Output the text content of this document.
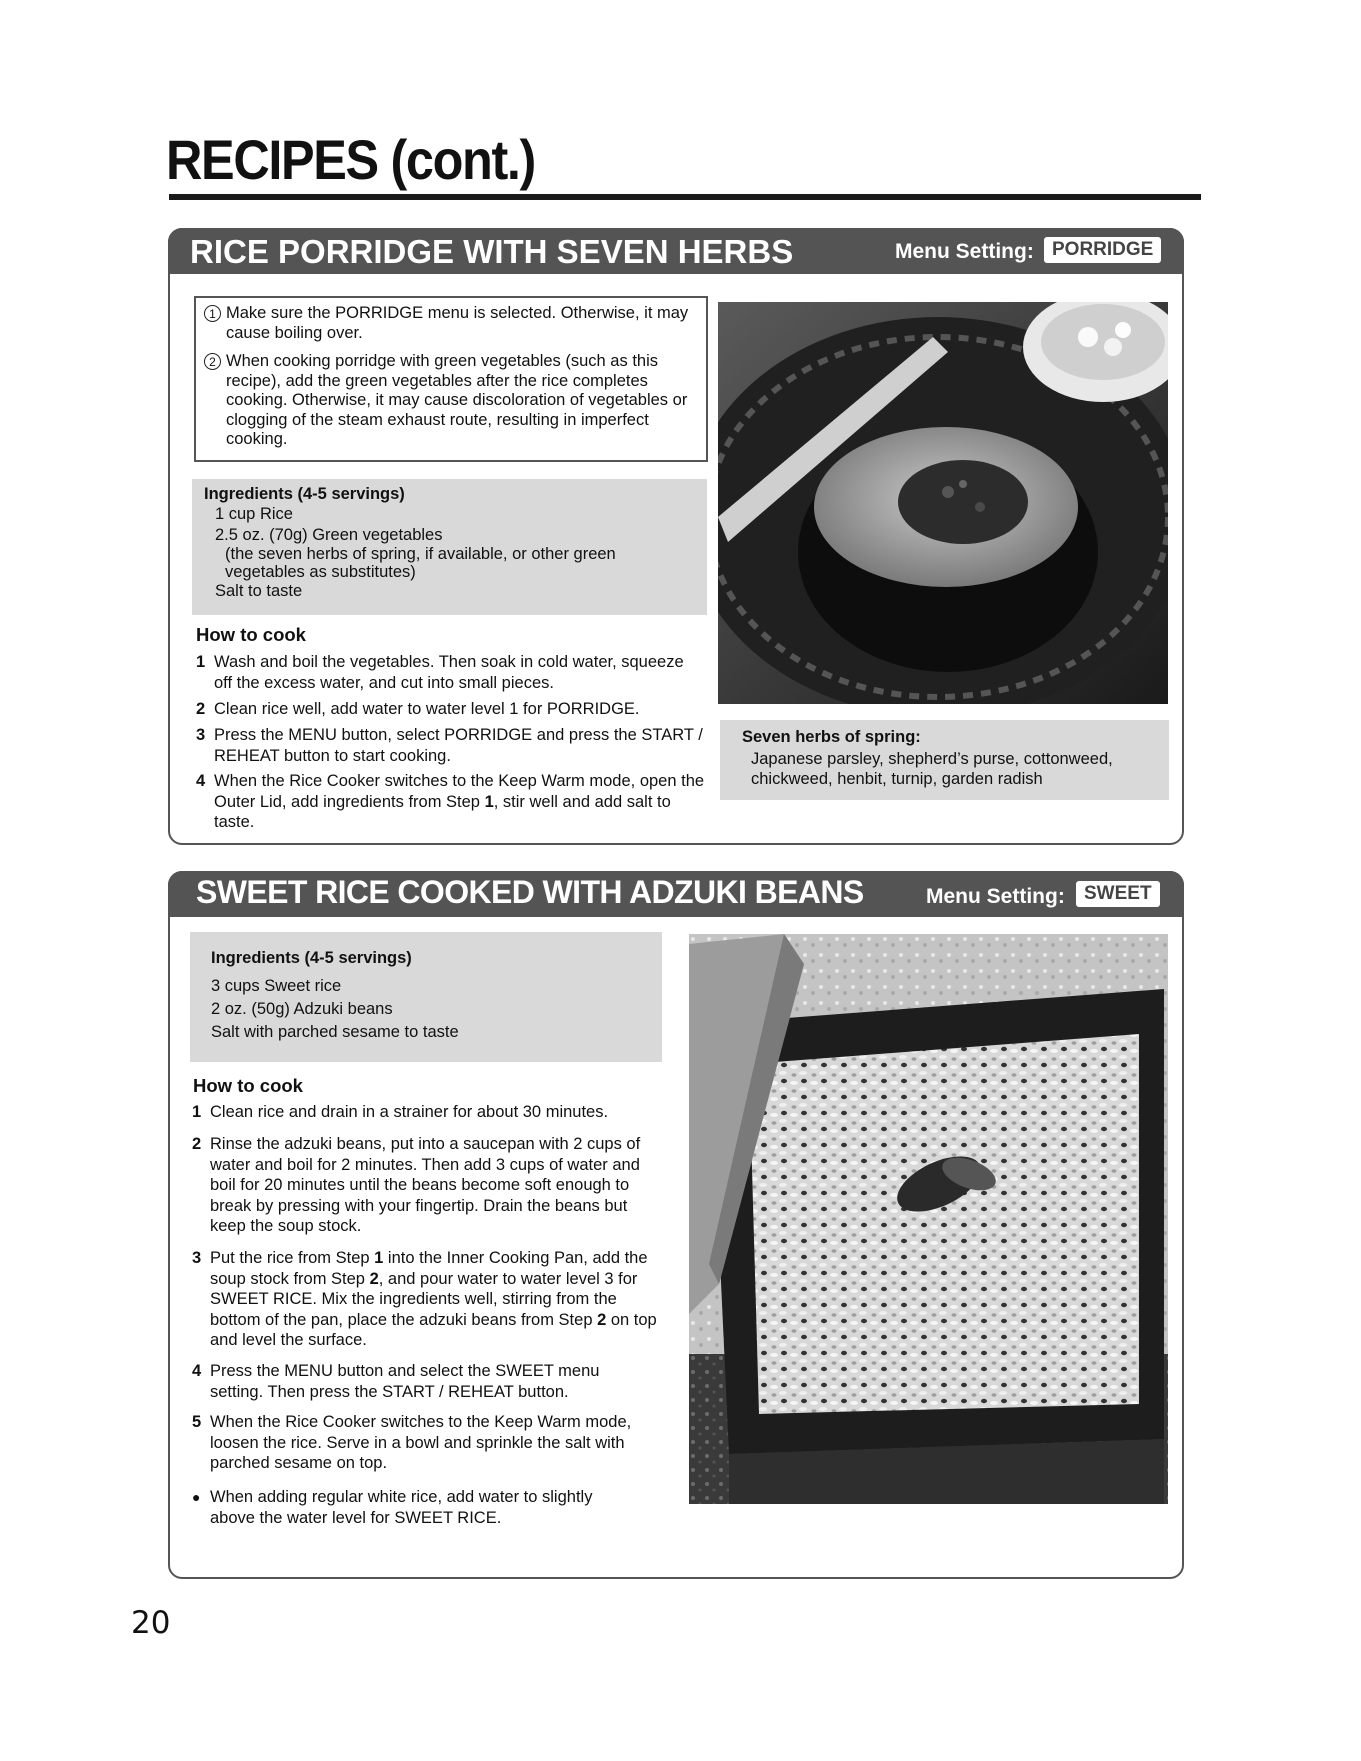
RECIPES (cont.)
RICE PORRIDGE WITH SEVEN HERBS	Menu Setting: PORRIDGE
1 Make sure the PORRIDGE menu is selected. Otherwise, it may cause boiling over.
2 When cooking porridge with green vegetables (such as this recipe), add the green vegetables after the rice completes cooking. Otherwise, it may cause discoloration of vegetables or clogging of the steam exhaust route, resulting in imperfect cooking.
Ingredients (4-5 servings)
1 cup Rice
2.5 oz. (70g) Green vegetables
(the seven herbs of spring, if available, or other green
vegetables as substitutes)
Salt to taste
How to cook
1 Wash and boil the vegetables. Then soak in cold water, squeeze off the excess water, and cut into small pieces.
2 Clean rice well, add water to water level 1 for PORRIDGE.
3 Press the MENU button, select PORRIDGE and press the START / REHEAT button to start cooking.
4 When the Rice Cooker switches to the Keep Warm mode, open the Outer Lid, add ingredients from Step 1, stir well and add salt to taste.
Seven herbs of spring:
Japanese parsley, shepherd’s purse, cottonweed, chickweed, henbit, turnip, garden radish
SWEET RICE COOKED WITH ADZUKI BEANS	Menu Setting:	SWEET
Ingredients (4-5 servings)
3 cups Sweet rice
2 oz. (50g) Adzuki beans
Salt with parched sesame to taste
How to cook
1 Clean rice and drain in a strainer for about 30 minutes.
2 Rinse the adzuki beans, put into a saucepan with 2 cups of water and boil for 2 minutes. Then add 3 cups of water and boil for 20 minutes until the beans become soft enough to break by pressing with your fingertip. Drain the beans but keep the soup stock.
3 Put the rice from Step 1 into the Inner Cooking Pan, add the soup stock from Step 2, and pour water to water level 3 for SWEET RICE. Mix the ingredients well, stirring from the bottom of the pan, place the adzuki beans from Step 2 on top and level the surface.
4 Press the MENU button and select the SWEET menu setting. Then press the START / REHEAT button.
5 When the Rice Cooker switches to the Keep Warm mode, loosen the rice. Serve in a bowl and sprinkle the salt with parched sesame on top.
● When adding regular white rice, add water to slightly above the water level for SWEET RICE.
20
